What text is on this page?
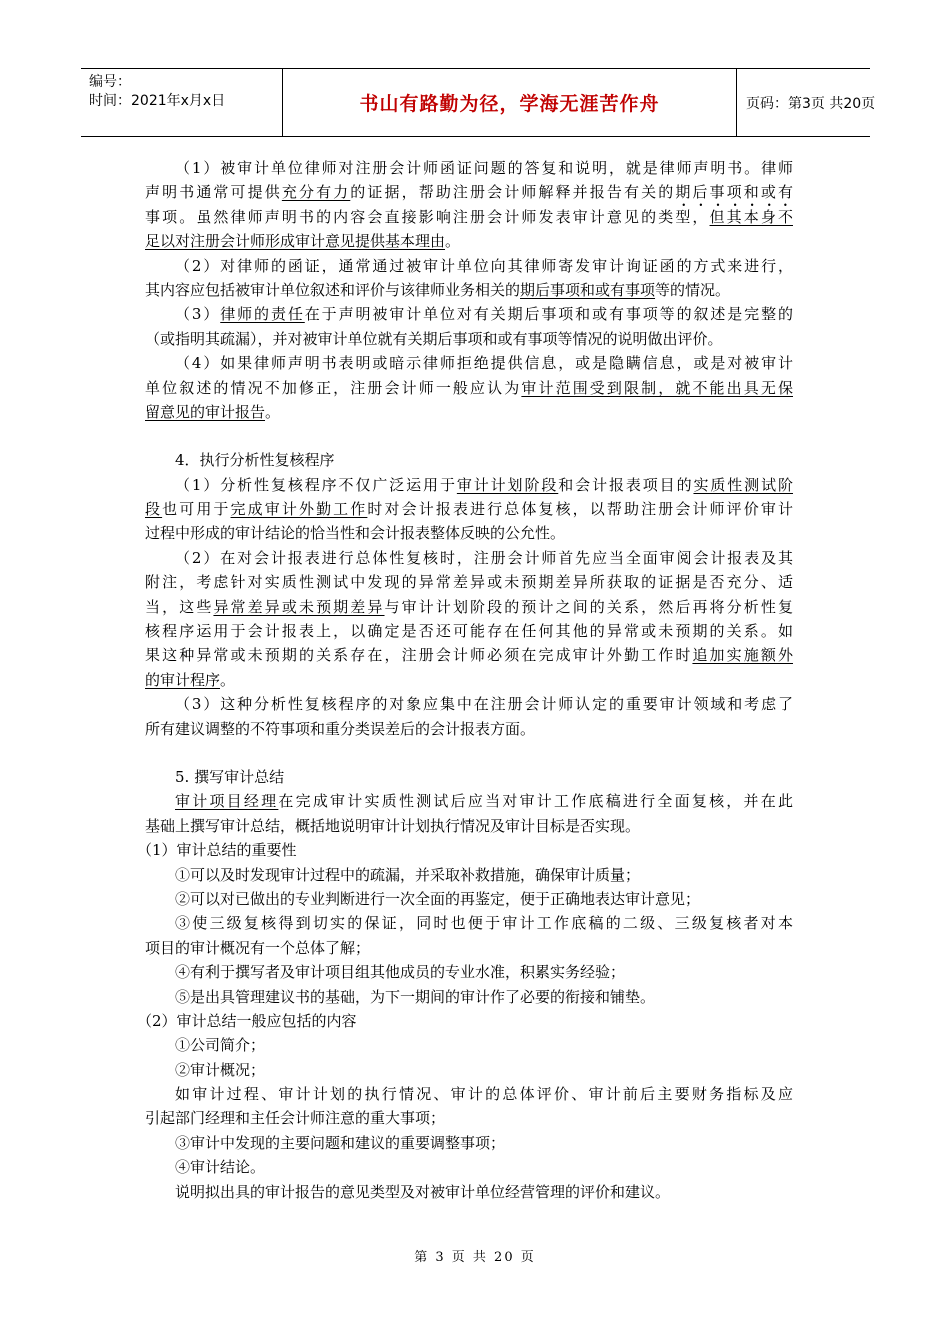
编号：
时间：2021年x月x日	书山有路勤为径，学海无涯苦作舟	页码：第3页 共20页
（1）被审计单位律师对注册会计师函证问题的答复和说明，就是律师声明书。律师
声明书通常可提供充分有力的证据，帮助注册会计师解释并报告有关的期后事项和或有
事项。虽然律师声明书的内容会直接影响注册会计师发表审计意见的类型，但其本身不
足以对注册会计师形成审计意见提供基本理由。
（2）对律师的函证，通常通过被审计单位向其律师寄发审计询证函的方式来进行，
其内容应包括被审计单位叙述和评价与该律师业务相关的期后事项和或有事项等的情况。
（3）律师的责任在于声明被审计单位对有关期后事项和或有事项等的叙述是完整的
（或指明其疏漏），并对被审计单位就有关期后事项和或有事项等情况的说明做出评价。
（4）如果律师声明书表明或暗示律师拒绝提供信息，或是隐瞒信息，或是对被审计
单位叙述的情况不加修正，注册会计师一般应认为审计范围受到限制，就不能出具无保
留意见的审计报告。
4．执行分析性复核程序
（1）分析性复核程序不仅广泛运用于审计计划阶段和会计报表项目的实质性测试阶
段也可用于完成审计外勤工作时对会计报表进行总体复核，以帮助注册会计师评价审计
过程中形成的审计结论的恰当性和会计报表整体反映的公允性。
（2）在对会计报表进行总体性复核时，注册会计师首先应当全面审阅会计报表及其
附注，考虑针对实质性测试中发现的异常差异或未预期差异所获取的证据是否充分、适
当，这些异常差异或未预期差异与审计计划阶段的预计之间的关系，然后再将分析性复
核程序运用于会计报表上，以确定是否还可能存在任何其他的异常或未预期的关系。如
果这种异常或未预期的关系存在，注册会计师必须在完成审计外勤工作时追加实施额外
的审计程序。
（3）这种分析性复核程序的对象应集中在注册会计师认定的重要审计领域和考虑了
所有建议调整的不符事项和重分类误差后的会计报表方面。
5. 撰写审计总结
审计项目经理在完成审计实质性测试后应当对审计工作底稿进行全面复核，并在此
基础上撰写审计总结，概括地说明审计计划执行情况及审计目标是否实现。
（1）审计总结的重要性
①可以及时发现审计过程中的疏漏，并采取补救措施，确保审计质量；
②可以对已做出的专业判断进行一次全面的再鉴定，便于正确地表达审计意见；
③使三级复核得到切实的保证，同时也便于审计工作底稿的二级、三级复核者对本
项目的审计概况有一个总体了解；
④有利于撰写者及审计项目组其他成员的专业水准，积累实务经验；
⑤是出具管理建议书的基础，为下一期间的审计作了必要的衔接和铺垫。
（2）审计总结一般应包括的内容
①公司简介；
②审计概况；
如审计过程、审计计划的执行情况、审计的总体评价、审计前后主要财务指标及应
引起部门经理和主任会计师注意的重大事项；
③审计中发现的主要问题和建议的重要调整事项；
④审计结论。
说明拟出具的审计报告的意见类型及对被审计单位经营管理的评价和建议。
第 3 页 共 20 页
